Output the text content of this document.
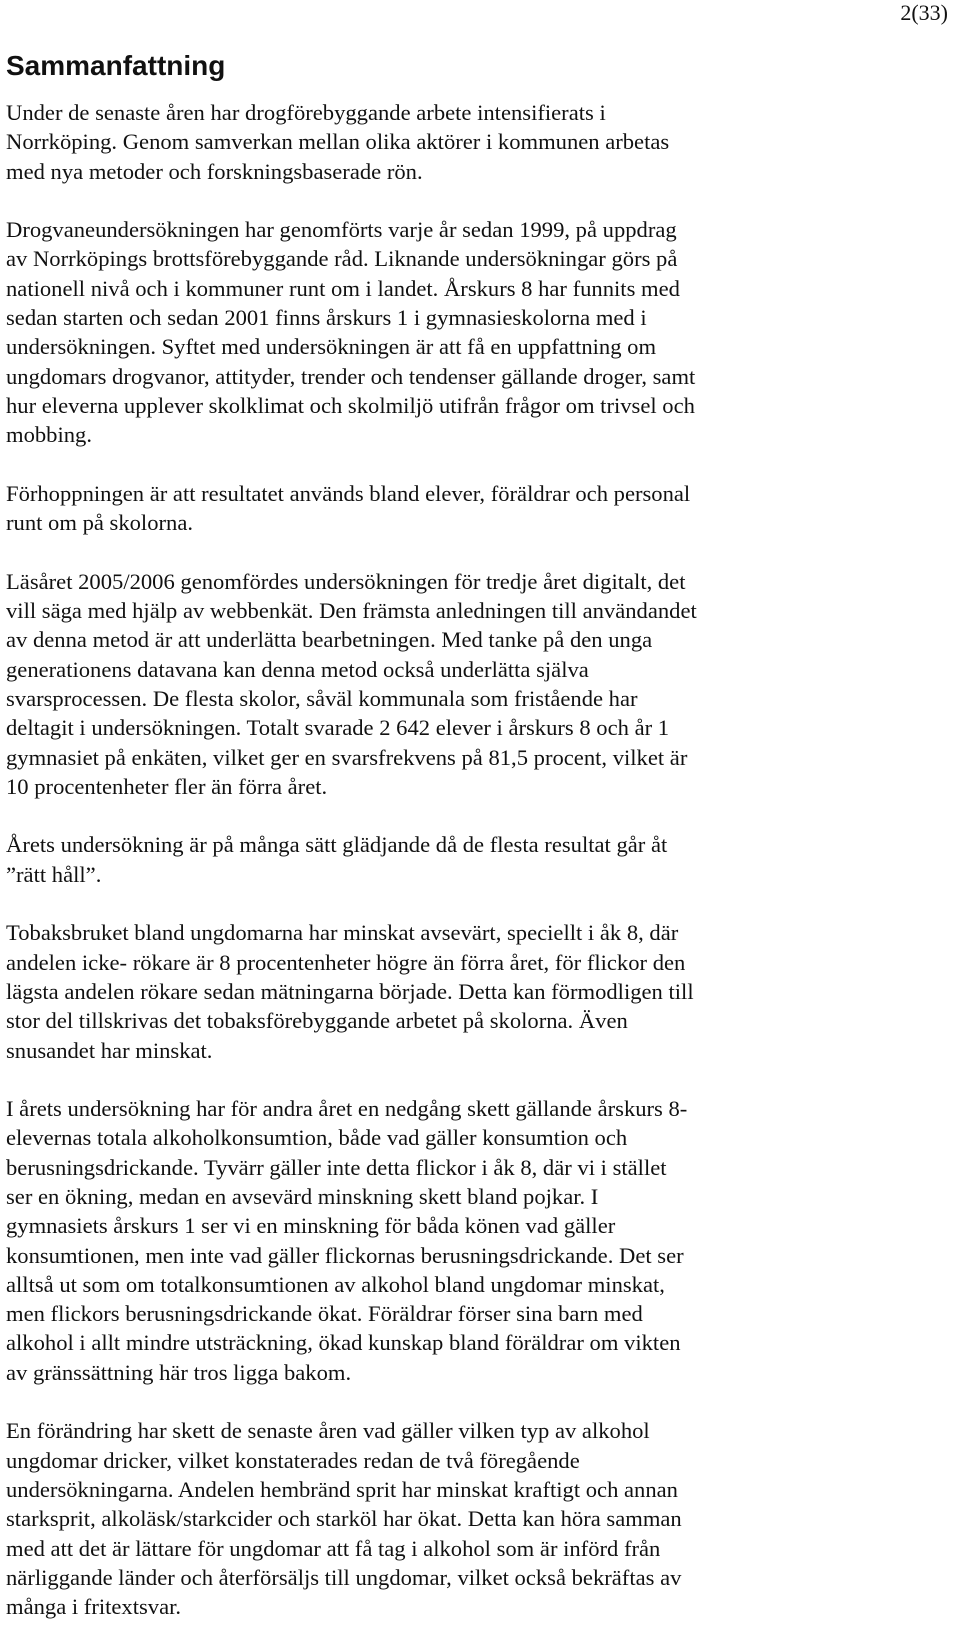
2(33)
Sammanfattning

Under de senaste åren har drogförebyggande arbete intensifierats i
Norrköping. Genom samverkan mellan olika aktörer i kommunen arbetas
med nya metoder och forskningsbaserade rön.

Drogvaneundersökningen har genomförts varje år sedan 1999, på uppdrag
av Norrköpings brottsförebyggande råd. Liknande undersökningar görs på
nationell nivå och i kommuner runt om i landet. Årskurs 8 har funnits med
sedan starten och sedan 2001 finns årskurs 1 i gymnasieskolorna med i
undersökningen. Syftet med undersökningen är att få en uppfattning om
ungdomars drogvanor, attityder, trender och tendenser gällande droger, samt
hur eleverna upplever skolklimat och skolmiljö utifrån frågor om trivsel och
mobbing.

Förhoppningen är att resultatet används bland elever, föräldrar och personal
runt om på skolorna.

Läsåret 2005/2006 genomfördes undersökningen för tredje året digitalt, det
vill säga med hjälp av webbenkät. Den främsta anledningen till användandet
av denna metod är att underlätta bearbetningen. Med tanke på den unga
generationens datavana kan denna metod också underlätta själva
svarsprocessen. De flesta skolor, såväl kommunala som fristående har
deltagit i undersökningen. Totalt svarade 2 642 elever i årskurs 8 och år 1
gymnasiet på enkäten, vilket ger en svarsfrekvens på 81,5 procent, vilket är
10 procentenheter fler än förra året.

Årets undersökning är på många sätt glädjande då de flesta resultat går åt
”rätt håll”.

Tobaksbruket bland ungdomarna har minskat avsevärt, speciellt i åk 8, där
andelen icke- rökare är 8 procentenheter högre än förra året, för flickor den
lägsta andelen rökare sedan mätningarna började. Detta kan förmodligen till
stor del tillskrivas det tobaksförebyggande arbetet på skolorna. Även
snusandet har minskat.

I årets undersökning har för andra året en nedgång skett gällande årskurs 8-
elevernas totala alkoholkonsumtion, både vad gäller konsumtion och
berusningsdrickande. Tyvärr gäller inte detta flickor i åk 8, där vi i stället
ser en ökning, medan en avsevärd minskning skett bland pojkar. I
gymnasiets årskurs 1 ser vi en minskning för båda könen vad gäller
konsumtionen, men inte vad gäller flickornas berusningsdrickande. Det ser
alltså ut som om totalkonsumtionen av alkohol bland ungdomar minskat,
men flickors berusningsdrickande ökat. Föräldrar förser sina barn med
alkohol i allt mindre utsträckning, ökad kunskap bland föräldrar om vikten
av gränssättning här tros ligga bakom.

En förändring har skett de senaste åren vad gäller vilken typ av alkohol
ungdomar dricker, vilket konstaterades redan de två föregående
undersökningarna. Andelen hembränd sprit har minskat kraftigt och annan
starksprit, alkoläsk/starkcider och starköl har ökat. Detta kan höra samman
med att det är lättare för ungdomar att få tag i alkohol som är införd från
närliggande länder och återförsäljs till ungdomar, vilket också bekräftas av
många i fritextsvar.
